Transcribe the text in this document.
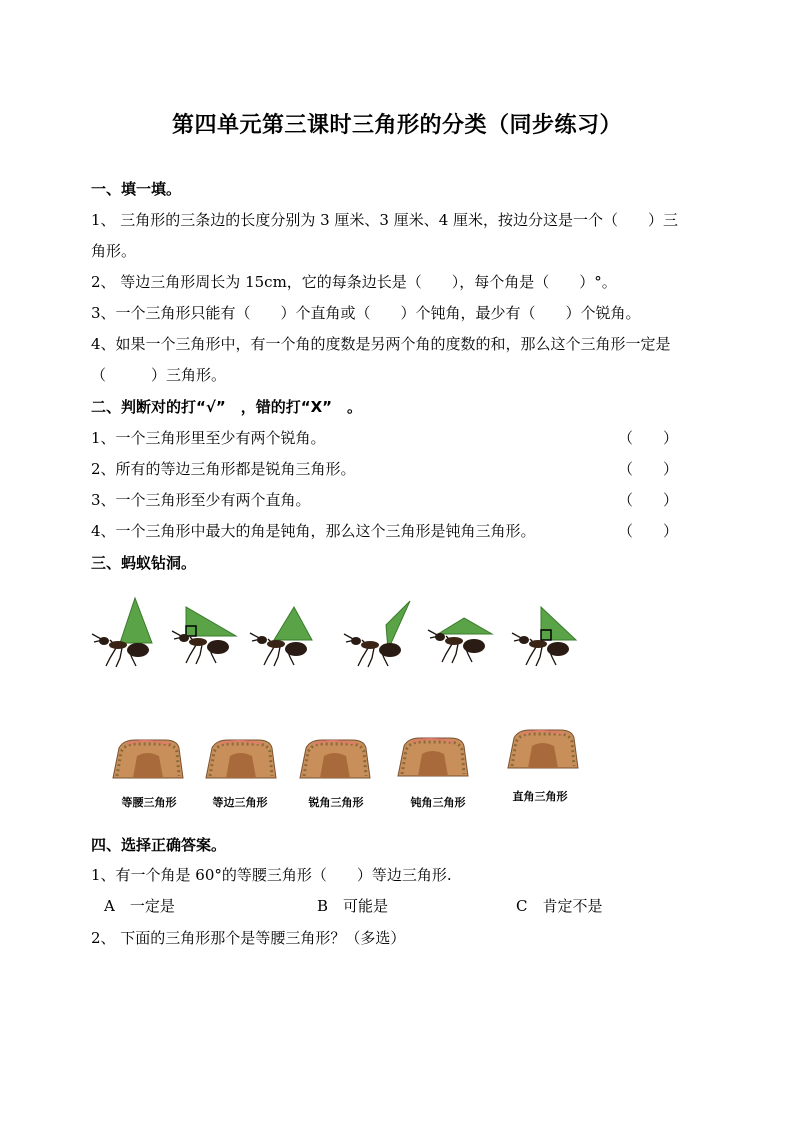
第四单元第三课时三角形的分类（同步练习）
一、填一填。
1、 三角形的三条边的长度分别为 3 厘米、3 厘米、4 厘米，按边分这是一个（　　）三
角形。
2、 等边三角形周长为 15cm，它的每条边长是（　　），每个角是（　　）°。
3、一个三角形只能有（　　）个直角或（　　）个钝角，最少有（　　）个锐角。
4、如果一个三角形中，有一个角的度数是另两个角的度数的和，那么这个三角形一定是
（　　　）三角形。
二、判断对的打“√”　，错的打“X”　。
1、一个三角形里至少有两个锐角。	（　　）
2、所有的等边三角形都是锐角三角形。	（　　）
3、一个三角形至少有两个直角。	（　　）
4、一个三角形中最大的角是钝角，那么这个三角形是钝角三角形。	（　　）
三、蚂蚁钻洞。
等腰三角形	等边三角形	锐角三角形	钝角三角形	直角三角形
四、选择正确答案。
1、有一个角是 60°的等腰三角形（　　）等边三角形.
A　一定是	B　可能是	C　肯定不是
2、 下面的三角形那个是等腰三角形？（多选）
